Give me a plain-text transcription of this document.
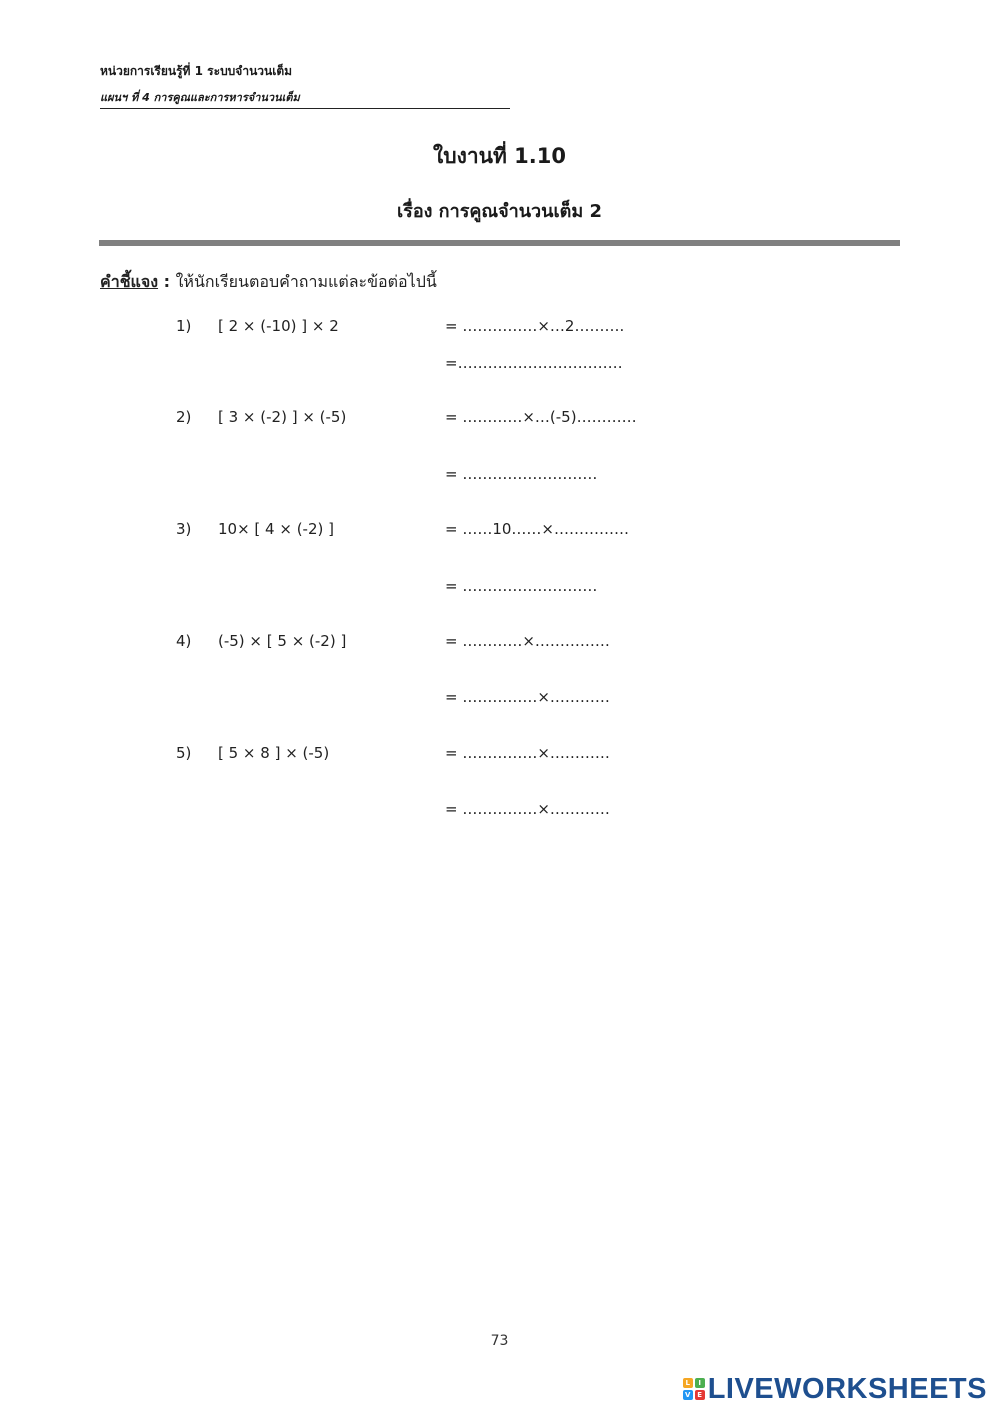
หน่วยการเรียนรู้ที่ 1 ระบบจำนวนเต็ม
แผนฯ ที่ 4 การคูณและการหารจำนวนเต็ม
ใบงานที่ 1.10
เรื่อง การคูณจำนวนเต็ม 2
คำชี้แจง : ให้นักเรียนตอบคำถามแต่ละข้อต่อไปนี้
1) [ 2 × (-10) ] × 2	= ……………×…2……….
=……………………………
2) [ 3 × (-2) ] × (-5)	= …………×…(-5)…………
= ………………………
3) 10× [ 4 × (-2) ]	= ……10……×……………
= ………………………
4) (-5) × [ 5 × (-2) ]	= …………×……………
= ……………×…………
5) [ 5 × 8 ] × (-5)	= ……………×…………
= ……………×…………
73
L	I
V E LIVEWORKSHEETS
